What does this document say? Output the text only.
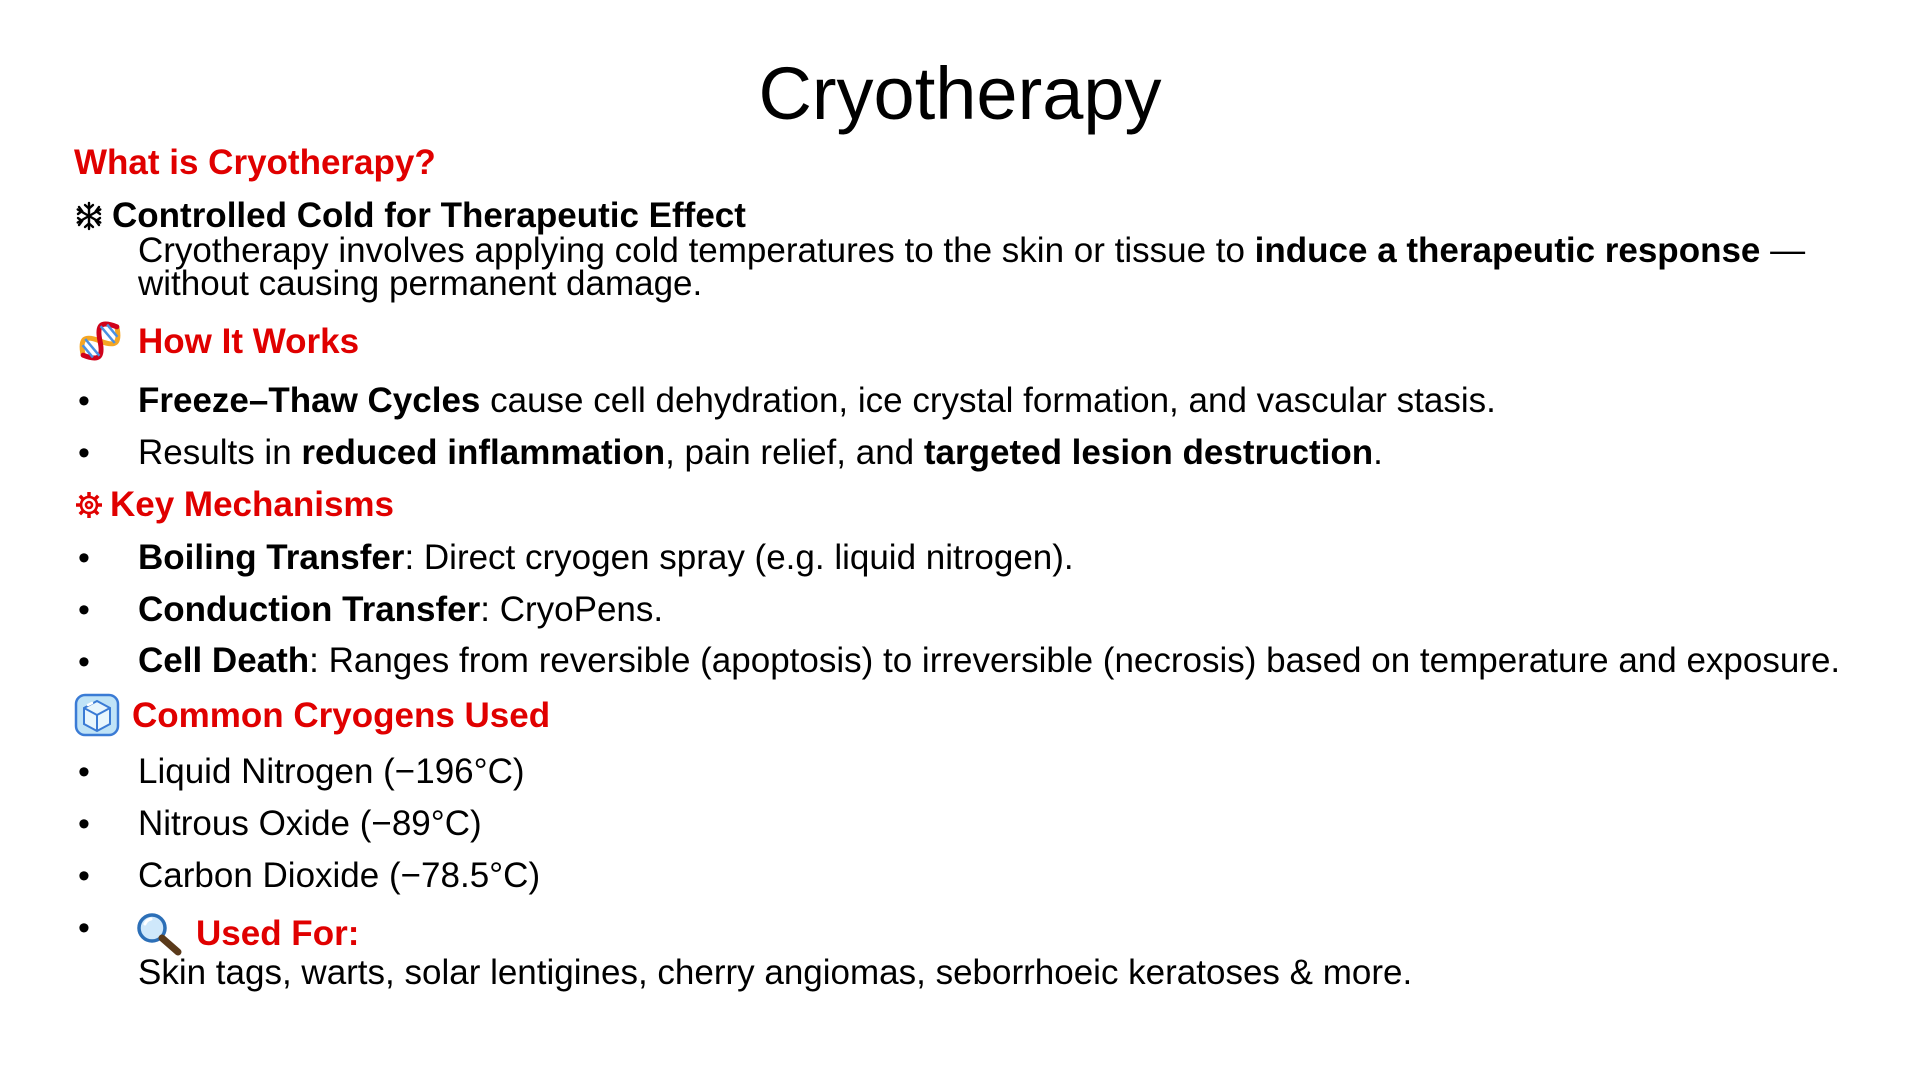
Cryotherapy
What is Cryotherapy?
Controlled Cold for Therapeutic Effect
Cryotherapy involves applying cold temperatures to the skin or tissue to induce a therapeutic response — without causing permanent damage.
How It Works
• Freeze–Thaw Cycles cause cell dehydration, ice crystal formation, and vascular stasis.
• Results in reduced inflammation, pain relief, and targeted lesion destruction.
Key Mechanisms
• Boiling Transfer: Direct cryogen spray (e.g. liquid nitrogen).
• Conduction Transfer: CryoPens.
• Cell Death: Ranges from reversible (apoptosis) to irreversible (necrosis) based on temperature and exposure.
Common Cryogens Used
• Liquid Nitrogen (−196°C)
• Nitrous Oxide (−89°C)
• Carbon Dioxide (−78.5°C)
•	Used For:
Skin tags, warts, solar lentigines, cherry angiomas, seborrhoeic keratoses & more.
